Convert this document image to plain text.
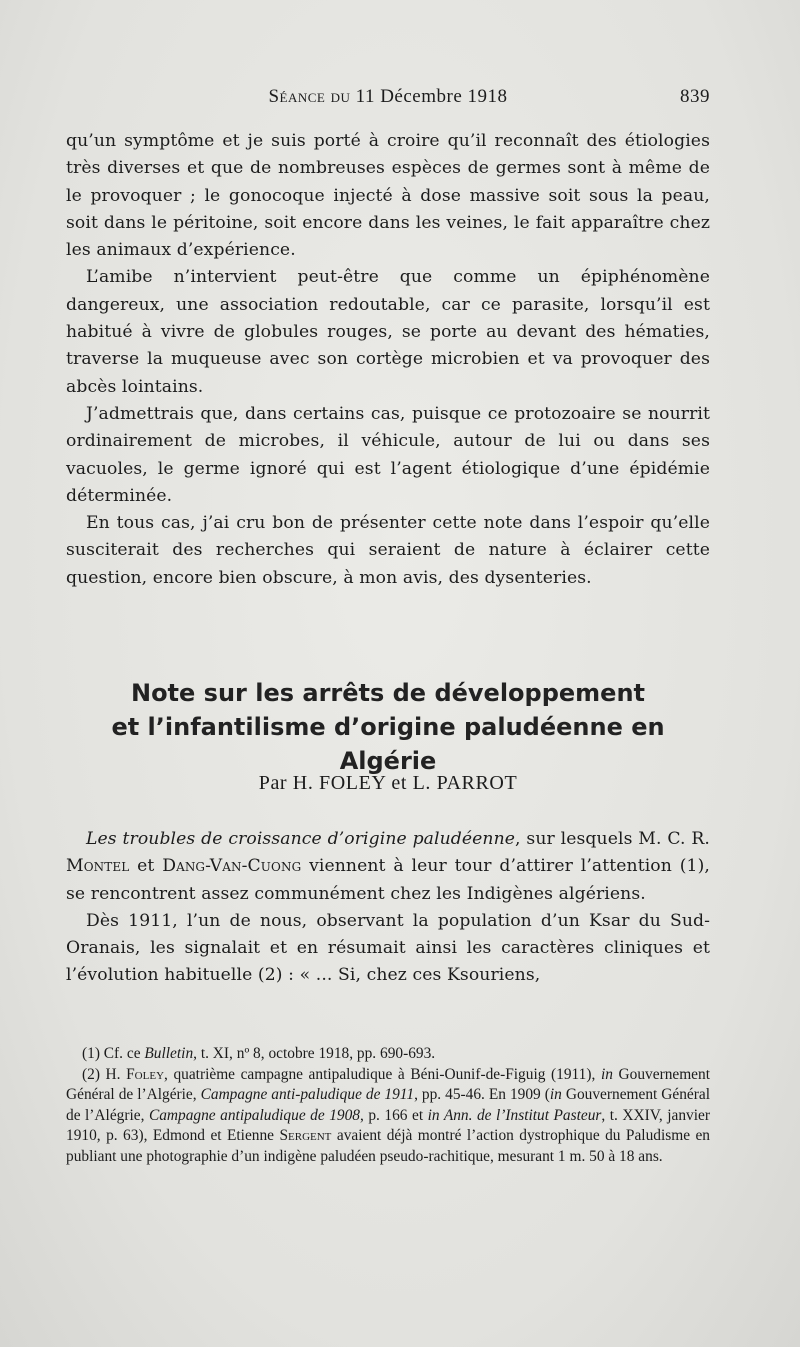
Séance du 11 Décembre 1918	839

qu’un symptôme et je suis porté à croire qu’il reconnaît des étiologies très diverses et que de nombreuses espèces de germes sont à même de le provoquer ; le gonocoque injecté à dose massive soit sous la peau, soit dans le péritoine, soit encore dans les veines, le fait apparaître chez les animaux d’expérience.

L’amibe n’intervient peut-être que comme un épiphénomène dangereux, une association redoutable, car ce parasite, lorsqu’il est habitué à vivre de globules rouges, se porte au devant des hématies, traverse la muqueuse avec son cortège microbien et va provoquer des abcès lointains.

J’admettrais que, dans certains cas, puisque ce protozoaire se nourrit ordinairement de microbes, il véhicule, autour de lui ou dans ses vacuoles, le germe ignoré qui est l’agent étiologique d’une épidémie déterminée.

En tous cas, j’ai cru bon de présenter cette note dans l’espoir qu’elle susciterait des recherches qui seraient de nature à éclairer cette question, encore bien obscure, à mon avis, des dysenteries.

Note sur les arrêts de développement
et l’infantilisme d’origine paludéenne en Algérie
Par H. FOLEY et L. PARROT

Les troubles de croissance d’origine paludéenne, sur lesquels M. C. R. Montel et Dang-Van-Cuong viennent à leur tour d’attirer l’attention (1), se rencontrent assez communément chez les Indigènes algériens.

Dès 1911, l’un de nous, observant la population d’un Ksar du Sud-Oranais, les signalait et en résumait ainsi les caractères cliniques et l’évolution habituelle (2) : « ... Si, chez ces Ksouriens,

(1) Cf. ce Bulletin, t. XI, nº 8, octobre 1918, pp. 690-693.

(2) H. Foley, quatrième campagne antipaludique à Béni-Ounif-de-Figuig (1911), in Gouvernement Général de l’Algérie, Campagne anti-paludique de 1911, pp. 45-46. En 1909 (in Gouvernement Général de l’Alégrie, Campagne antipaludique de 1908, p. 166 et in Ann. de l’Institut Pasteur, t. XXIV, janvier 1910, p. 63), Edmond et Etienne Sergent avaient déjà montré l’action dystrophique du Paludisme en publiant une photographie d’un indigène paludéen pseudo-rachitique, mesurant 1 m. 50 à 18 ans.
